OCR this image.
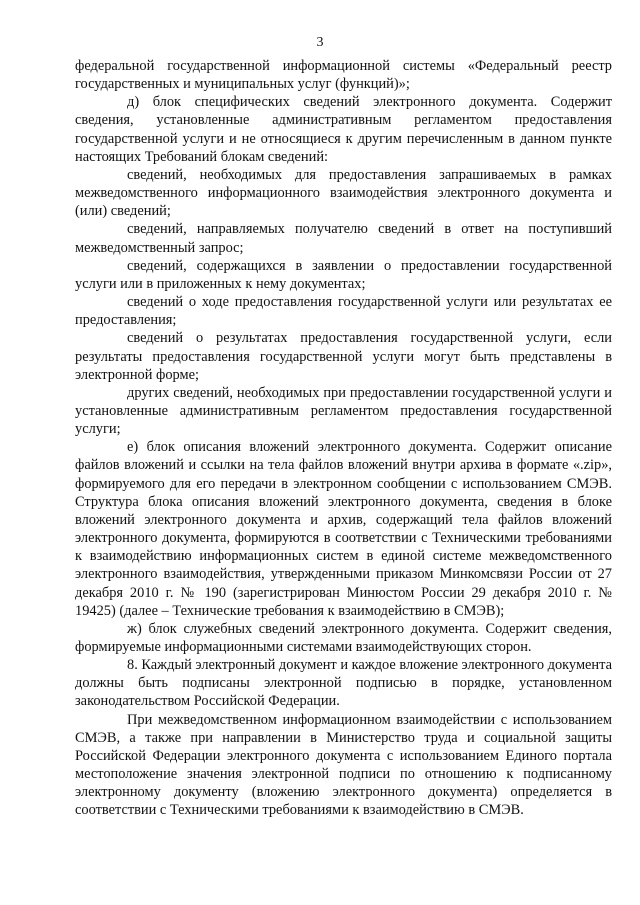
3

федеральной государственной информационной системы «Федеральный реестр государственных и муниципальных услуг (функций)»;

д) блок специфических сведений электронного документа. Содержит сведения, установленные административным регламентом предоставления государственной услуги и не относящиеся к другим перечисленным в данном пункте настоящих Требований блокам сведений:

сведений, необходимых для предоставления запрашиваемых в рамках межведомственного информационного взаимодействия электронного документа и (или) сведений;

сведений, направляемых получателю сведений в ответ на поступивший межведомственный запрос;

сведений, содержащихся в заявлении о предоставлении государственной услуги или в приложенных к нему документах;

сведений о ходе предоставления государственной услуги или результатах ее предоставления;

сведений о результатах предоставления государственной услуги, если результаты предоставления государственной услуги могут быть представлены в электронной форме;

других сведений, необходимых при предоставлении государственной услуги и установленные административным регламентом предоставления государственной услуги;

е) блок описания вложений электронного документа. Содержит описание файлов вложений и ссылки на тела файлов вложений внутри архива в формате «.zip», формируемого для его передачи в электронном сообщении с использованием СМЭВ. Структура блока описания вложений электронного документа, сведения в блоке вложений электронного документа и архив, содержащий тела файлов вложений электронного документа, формируются в соответствии с Техническими требованиями к взаимодействию информационных систем в единой системе межведомственного электронного взаимодействия, утвержденными приказом Минкомсвязи России от 27 декабря 2010 г. № 190 (зарегистрирован Минюстом России 29 декабря 2010 г. № 19425) (далее – Технические требования к взаимодействию в СМЭВ);

ж) блок служебных сведений электронного документа. Содержит сведения, формируемые информационными системами взаимодействующих сторон.

8. Каждый электронный документ и каждое вложение электронного документа должны быть подписаны электронной подписью в порядке, установленном законодательством Российской Федерации.

При межведомственном информационном взаимодействии с использованием СМЭВ, а также при направлении в Министерство труда и социальной защиты Российской Федерации электронного документа с использованием Единого портала местоположение значения электронной подписи по отношению к подписанному электронному документу (вложению электронного документа) определяется в соответствии с Техническими требованиями к взаимодействию в СМЭВ.
